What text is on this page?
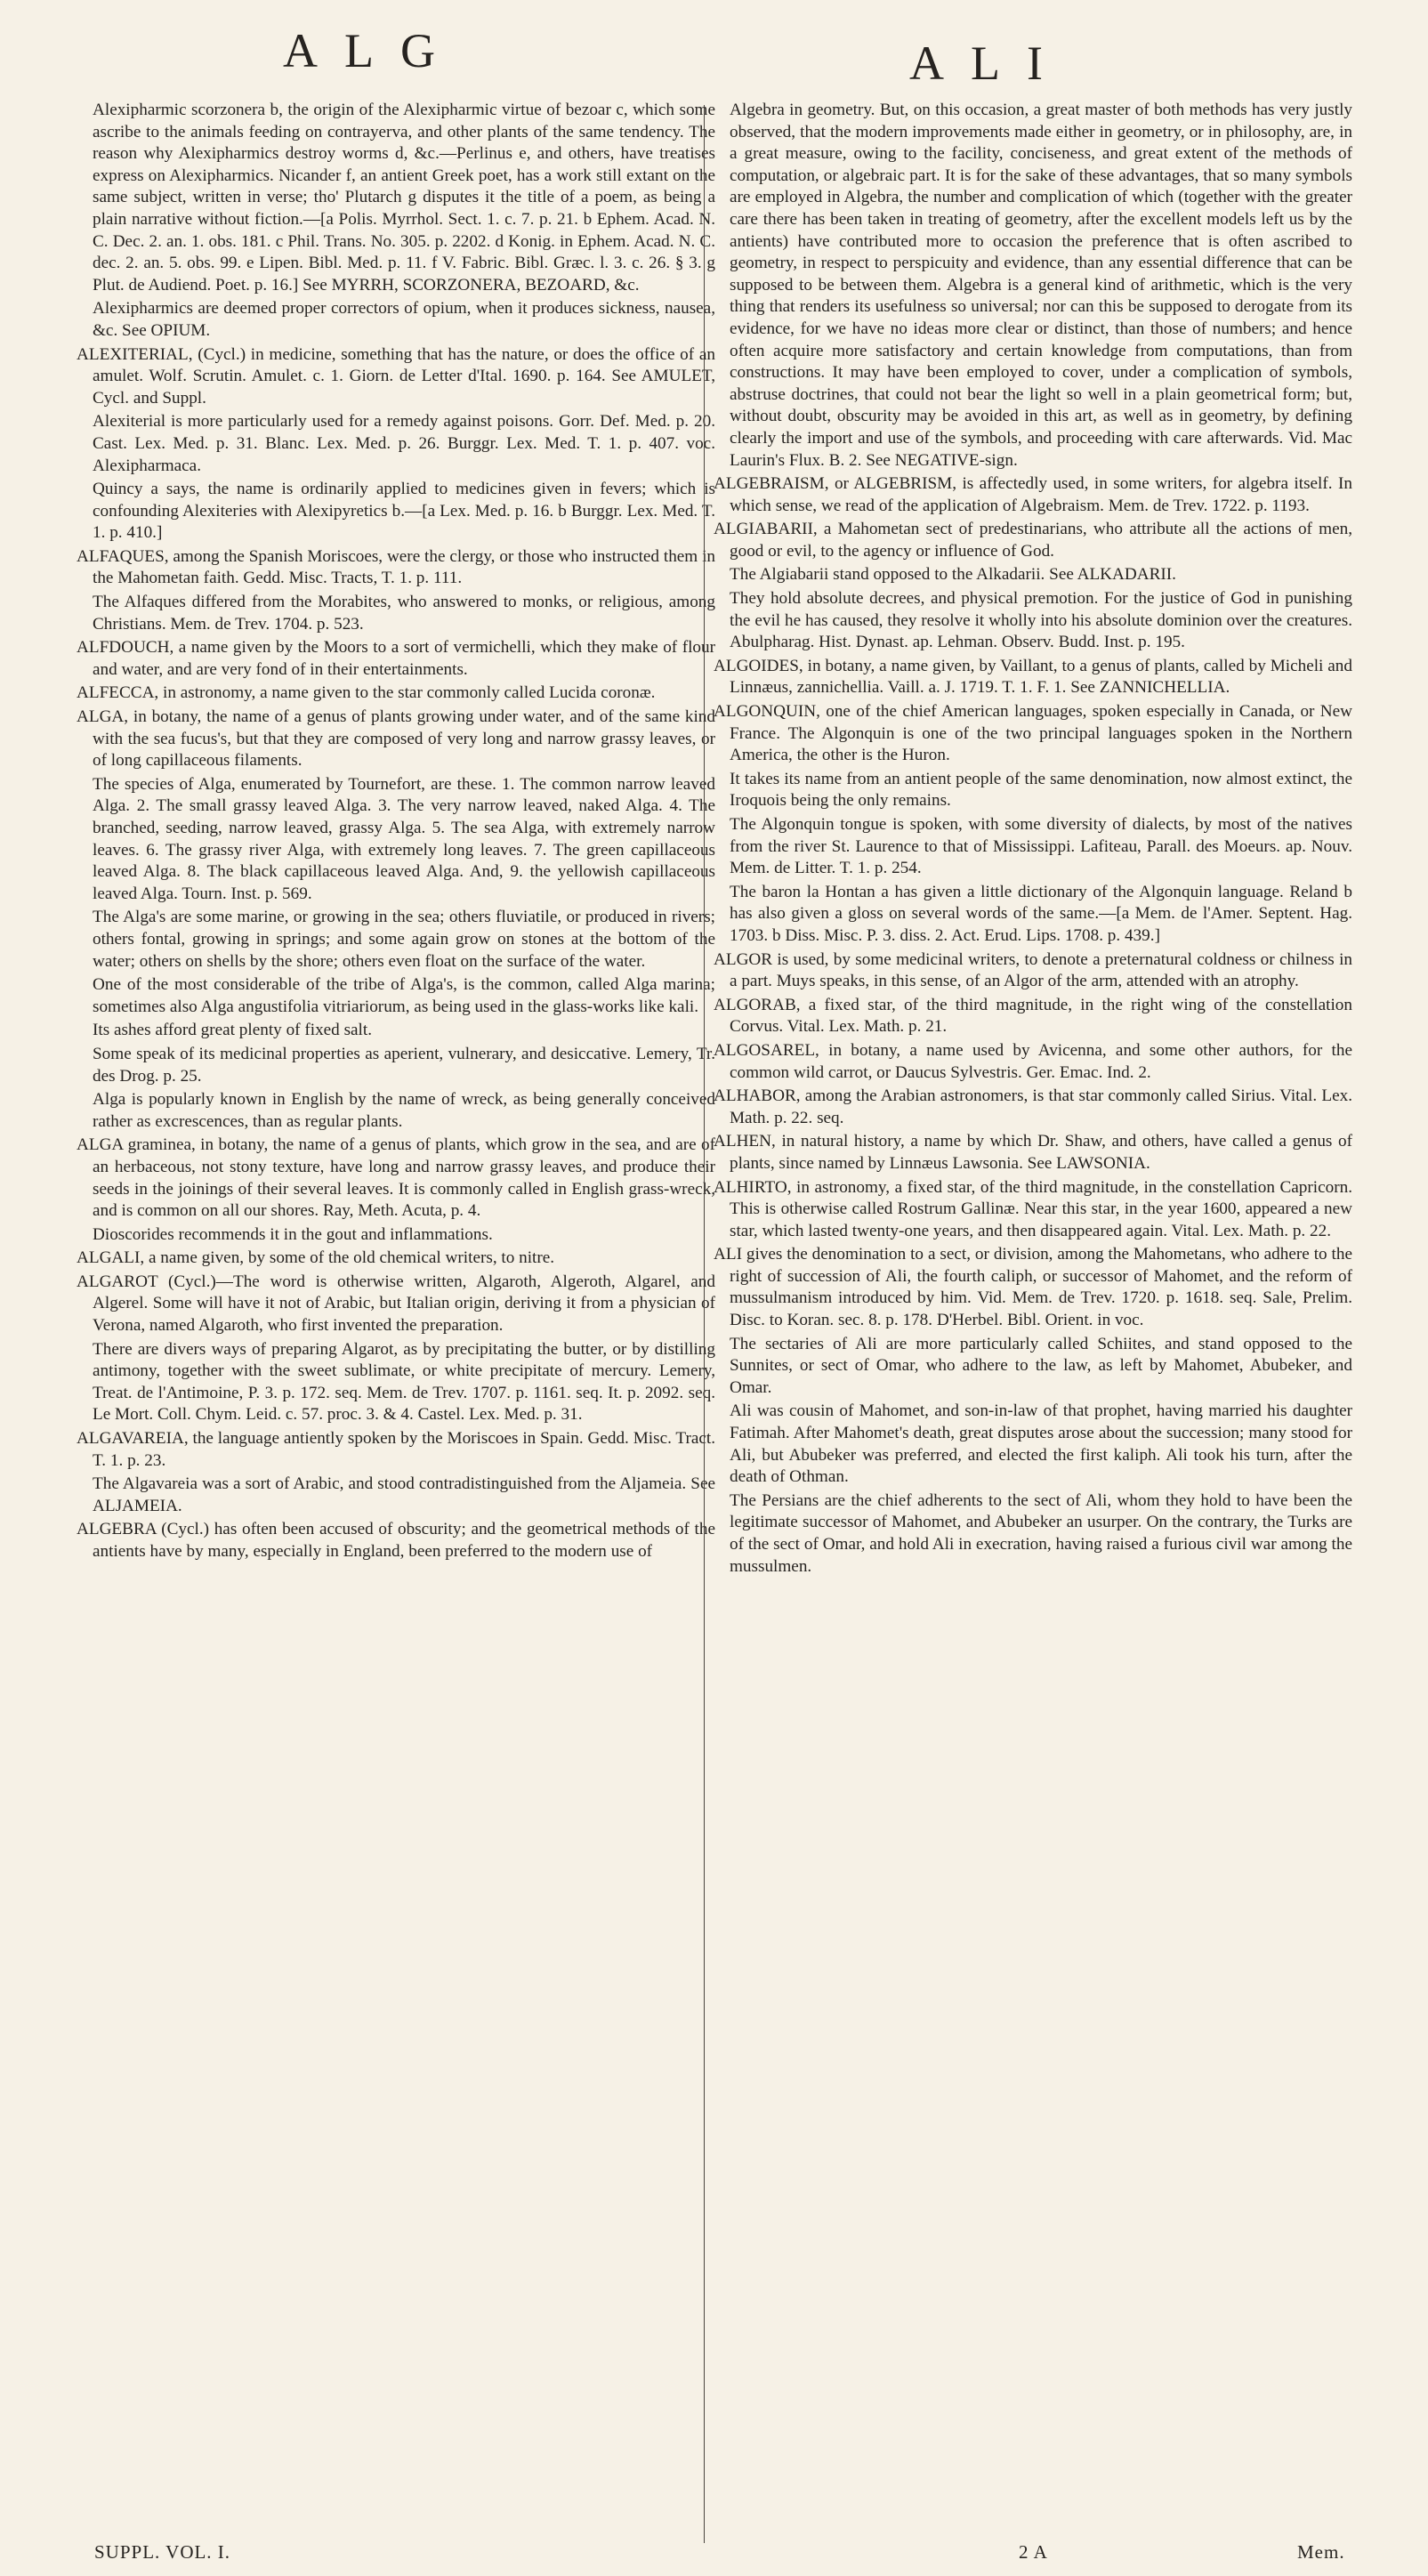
ALG	ALI

Alexipharmic scorzonera b, the origin of the Alexipharmic virtue of bezoar c, which some ascribe to the animals feeding on contrayerva, and other plants of the same tendency. The reason why Alexipharmics destroy worms d, &c.—Perlinus e, and others, have treatises express on Alexipharmics. Nicander f, an antient Greek poet, has a work still extant on the same subject, written in verse; tho' Plutarch g disputes it the title of a poem, as being a plain narrative without fiction.—[a Polis. Myrrhol. Sect. 1. c. 7. p. 21. b Ephem. Acad. N. C. Dec. 2. an. 1. obs. 181. c Phil. Trans. No. 305. p. 2202. d Konig. in Ephem. Acad. N. C. dec. 2. an. 5. obs. 99. e Lipen. Bibl. Med. p. 11. f V. Fabric. Bibl. Græc. l. 3. c. 26. § 3. g Plut. de Audiend. Poet. p. 16.] See MYRRH, SCORZONERA, BEZOARD, &c.

Alexipharmics are deemed proper correctors of opium, when it produces sickness, nausea, &c. See OPIUM.

ALEXITERIAL, (Cycl.) in medicine, something that has the nature, or does the office of an amulet. Wolf. Scrutin. Amulet. c. 1. Giorn. de Letter d'Ital. 1690. p. 164. See AMULET, Cycl. and Suppl.

Alexiterial is more particularly used for a remedy against poisons. Gorr. Def. Med. p. 20. Cast. Lex. Med. p. 31. Blanc. Lex. Med. p. 26. Burggr. Lex. Med. T. 1. p. 407. voc. Alexipharmaca.

Quincy a says, the name is ordinarily applied to medicines given in fevers; which is confounding Alexiteries with Alexipyretics b.—[a Lex. Med. p. 16. b Burggr. Lex. Med. T. 1. p. 410.]

ALFAQUES, among the Spanish Moriscoes, were the clergy, or those who instructed them in the Mahometan faith. Gedd. Misc. Tracts, T. 1. p. 111.

The Alfaques differed from the Morabites, who answered to monks, or religious, among Christians. Mem. de Trev. 1704. p. 523.

ALFDOUCH, a name given by the Moors to a sort of vermichelli, which they make of flour and water, and are very fond of in their entertainments.

ALFECCA, in astronomy, a name given to the star commonly called Lucida coronæ.

ALGA, in botany, the name of a genus of plants growing under water, and of the same kind with the sea fucus's, but that they are composed of very long and narrow grassy leaves, or of long capillaceous filaments.

The species of Alga, enumerated by Tournefort, are these. 1. The common narrow leaved Alga. 2. The small grassy leaved Alga. 3. The very narrow leaved, naked Alga. 4. The branched, seeding, narrow leaved, grassy Alga. 5. The sea Alga, with extremely narrow leaves. 6. The grassy river Alga, with extremely long leaves. 7. The green capillaceous leaved Alga. 8. The black capillaceous leaved Alga. And, 9. the yellowish capillaceous leaved Alga. Tourn. Inst. p. 569.

The Alga's are some marine, or growing in the sea; others fluviatile, or produced in rivers; others fontal, growing in springs; and some again grow on stones at the bottom of the water; others on shells by the shore; others even float on the surface of the water.

One of the most considerable of the tribe of Alga's, is the common, called Alga marina; sometimes also Alga angustifolia vitriariorum, as being used in the glass-works like kali.

Its ashes afford great plenty of fixed salt.

Some speak of its medicinal properties as aperient, vulnerary, and desiccative. Lemery, Tr. des Drog. p. 25.

Alga is popularly known in English by the name of wreck, as being generally conceived rather as excrescences, than as regular plants.

ALGA graminea, in botany, the name of a genus of plants, which grow in the sea, and are of an herbaceous, not stony texture, have long and narrow grassy leaves, and produce their seeds in the joinings of their several leaves. It is commonly called in English grass-wreck, and is common on all our shores. Ray, Meth. Acuta, p. 4.

Dioscorides recommends it in the gout and inflammations.

ALGALI, a name given, by some of the old chemical writers, to nitre.

ALGAROT (Cycl.)—The word is otherwise written, Algaroth, Algeroth, Algarel, and Algerel. Some will have it not of Arabic, but Italian origin, deriving it from a physician of Verona, named Algaroth, who first invented the preparation.

There are divers ways of preparing Algarot, as by precipitating the butter, or by distilling antimony, together with the sweet sublimate, or white precipitate of mercury. Lemery, Treat. de l'Antimoine, P. 3. p. 172. seq. Mem. de Trev. 1707. p. 1161. seq. It. p. 2092. seq. Le Mort. Coll. Chym. Leid. c. 57. proc. 3. & 4. Castel. Lex. Med. p. 31.

ALGAVAREIA, the language antiently spoken by the Moriscoes in Spain. Gedd. Misc. Tract. T. 1. p. 23.

The Algavareia was a sort of Arabic, and stood contradistinguished from the Aljameia. See ALJAMEIA.

ALGEBRA (Cycl.) has often been accused of obscurity; and the geometrical methods of the antients have by many, especially in England, been preferred to the modern use of

Algebra in geometry. But, on this occasion, a great master of both methods has very justly observed, that the modern improvements made either in geometry, or in philosophy, are, in a great measure, owing to the facility, conciseness, and great extent of the methods of computation, or algebraic part. It is for the sake of these advantages, that so many symbols are employed in Algebra, the number and complication of which (together with the greater care there has been taken in treating of geometry, after the excellent models left us by the antients) have contributed more to occasion the preference that is often ascribed to geometry, in respect to perspicuity and evidence, than any essential difference that can be supposed to be between them. Algebra is a general kind of arithmetic, which is the very thing that renders its usefulness so universal; nor can this be supposed to derogate from its evidence, for we have no ideas more clear or distinct, than those of numbers; and hence often acquire more satisfactory and certain knowledge from computations, than from constructions. It may have been employed to cover, under a complication of symbols, abstruse doctrines, that could not bear the light so well in a plain geometrical form; but, without doubt, obscurity may be avoided in this art, as well as in geometry, by defining clearly the import and use of the symbols, and proceeding with care afterwards. Vid. Mac Laurin's Flux. B. 2. See NEGATIVE-sign.

ALGEBRAISM, or ALGEBRISM, is affectedly used, in some writers, for algebra itself. In which sense, we read of the application of Algebraism. Mem. de Trev. 1722. p. 1193.

ALGIABARII, a Mahometan sect of predestinarians, who attribute all the actions of men, good or evil, to the agency or influence of God.

The Algiabarii stand opposed to the Alkadarii. See ALKADARII.

They hold absolute decrees, and physical premotion. For the justice of God in punishing the evil he has caused, they resolve it wholly into his absolute dominion over the creatures. Abulpharag. Hist. Dynast. ap. Lehman. Observ. Budd. Inst. p. 195.

ALGOIDES, in botany, a name given, by Vaillant, to a genus of plants, called by Micheli and Linnæus, zannichellia. Vaill. a. J. 1719. T. 1. F. 1. See ZANNICHELLIA.

ALGONQUIN, one of the chief American languages, spoken especially in Canada, or New France. The Algonquin is one of the two principal languages spoken in the Northern America, the other is the Huron.

It takes its name from an antient people of the same denomination, now almost extinct, the Iroquois being the only remains.

The Algonquin tongue is spoken, with some diversity of dialects, by most of the natives from the river St. Laurence to that of Mississippi. Lafiteau, Parall. des Moeurs. ap. Nouv. Mem. de Litter. T. 1. p. 254.

The baron la Hontan a has given a little dictionary of the Algonquin language. Reland b has also given a gloss on several words of the same.—[a Mem. de l'Amer. Septent. Hag. 1703. b Diss. Misc. P. 3. diss. 2. Act. Erud. Lips. 1708. p. 439.]

ALGOR is used, by some medicinal writers, to denote a preternatural coldness or chilness in a part. Muys speaks, in this sense, of an Algor of the arm, attended with an atrophy.

ALGORAB, a fixed star, of the third magnitude, in the right wing of the constellation Corvus. Vital. Lex. Math. p. 21.

ALGOSAREL, in botany, a name used by Avicenna, and some other authors, for the common wild carrot, or Daucus Sylvestris. Ger. Emac. Ind. 2.

ALHABOR, among the Arabian astronomers, is that star commonly called Sirius. Vital. Lex. Math. p. 22. seq.

ALHEN, in natural history, a name by which Dr. Shaw, and others, have called a genus of plants, since named by Linnæus Lawsonia. See LAWSONIA.

ALHIRTO, in astronomy, a fixed star, of the third magnitude, in the constellation Capricorn. This is otherwise called Rostrum Gallinæ. Near this star, in the year 1600, appeared a new star, which lasted twenty-one years, and then disappeared again. Vital. Lex. Math. p. 22.

ALI gives the denomination to a sect, or division, among the Mahometans, who adhere to the right of succession of Ali, the fourth caliph, or successor of Mahomet, and the reform of mussulmanism introduced by him. Vid. Mem. de Trev. 1720. p. 1618. seq. Sale, Prelim. Disc. to Koran. sec. 8. p. 178. D'Herbel. Bibl. Orient. in voc.

The sectaries of Ali are more particularly called Schiites, and stand opposed to the Sunnites, or sect of Omar, who adhere to the law, as left by Mahomet, Abubeker, and Omar.

Ali was cousin of Mahomet, and son-in-law of that prophet, having married his daughter Fatimah. After Mahomet's death, great disputes arose about the succession; many stood for Ali, but Abubeker was preferred, and elected the first kaliph. Ali took his turn, after the death of Othman.

The Persians are the chief adherents to the sect of Ali, whom they hold to have been the legitimate successor of Mahomet, and Abubeker an usurper. On the contrary, the Turks are of the sect of Omar, and hold Ali in execration, having raised a furious civil war among the mussulmen.

SUPPL. VOL. I.	2 A	Mem.
